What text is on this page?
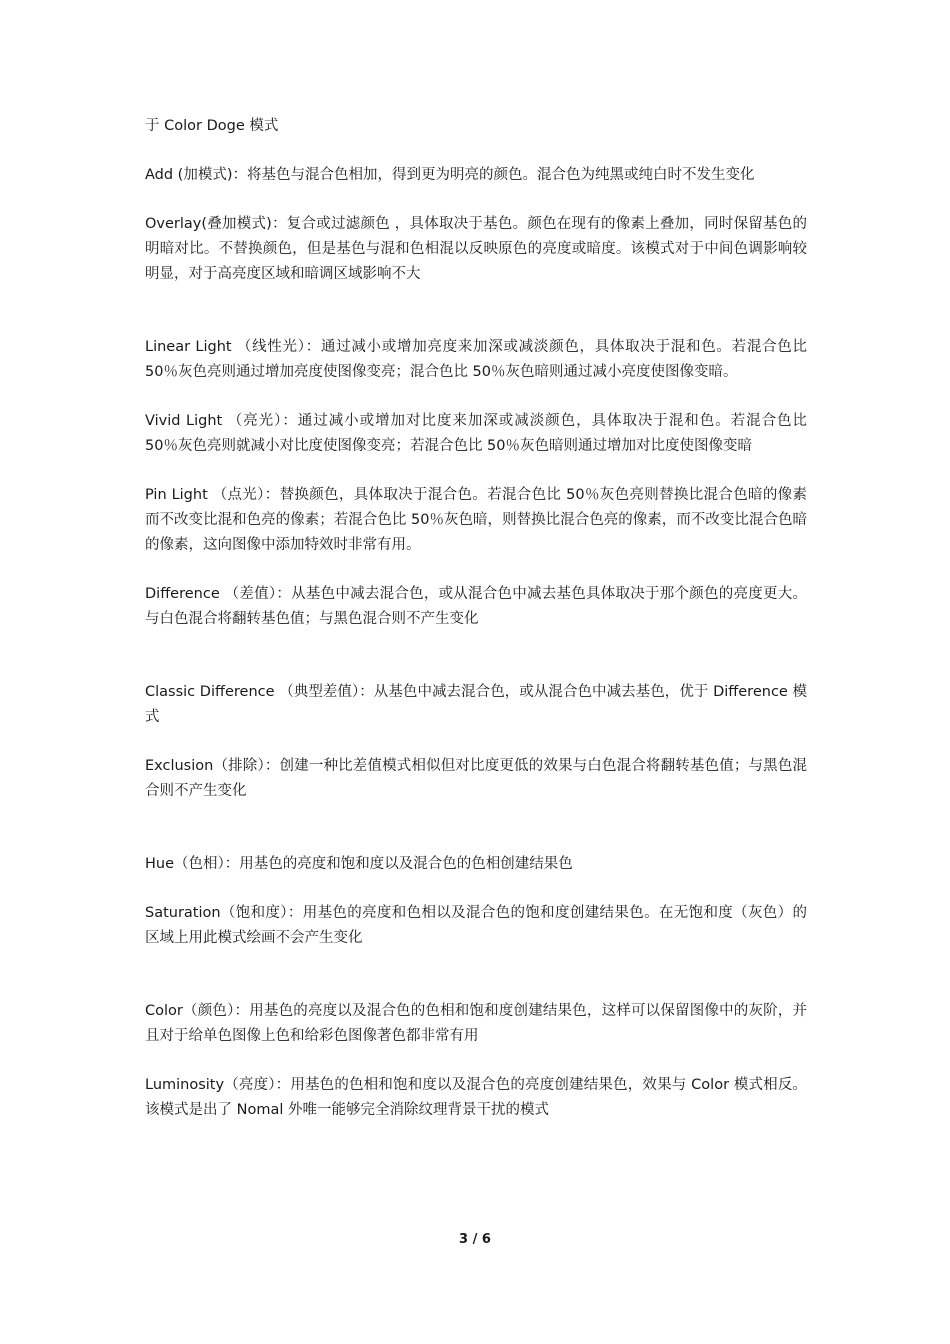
于 Color Doge 模式

Add (加模式)：将基色与混合色相加，得到更为明亮的颜色。混合色为纯黑或纯白时不发生变化

Overlay(叠加模式)：复合或过滤颜色 ，具体取决于基色。颜色在现有的像素上叠加，同时保留基色的明暗对比。不替换颜色，但是基色与混和色相混以反映原色的亮度或暗度。该模式对于中间色调影响较明显，对于高亮度区域和暗调区域影响不大

Linear Light （线性光）：通过减小或增加亮度来加深或减淡颜色，具体取决于混和色。若混合色比 50％灰色亮则通过增加亮度使图像变亮；混合色比 50％灰色暗则通过减小亮度使图像变暗。

Vivid Light （亮光）：通过减小或增加对比度来加深或减淡颜色，具体取决于混和色。若混合色比 50％灰色亮则就减小对比度使图像变亮；若混合色比 50％灰色暗则通过增加对比度使图像变暗

Pin Light （点光）：替换颜色，具体取决于混合色。若混合色比 50％灰色亮则替换比混合色暗的像素而不改变比混和色亮的像素；若混合色比 50％灰色暗，则替换比混合色亮的像素，而不改变比混合色暗的像素，这向图像中添加特效时非常有用。

Difference （差值）：从基色中减去混合色，或从混合色中减去基色具体取决于那个颜色的亮度更大。与白色混合将翻转基色值；与黑色混合则不产生变化

Classic Difference （典型差值）：从基色中减去混合色，或从混合色中减去基色，优于 Difference 模式

Exclusion（排除）：创建一种比差值模式相似但对比度更低的效果与白色混合将翻转基色值；与黑色混合则不产生变化

Hue（色相）：用基色的亮度和饱和度以及混合色的色相创建结果色

Saturation（饱和度）：用基色的亮度和色相以及混合色的饱和度创建结果色。在无饱和度（灰色）的区域上用此模式绘画不会产生变化

Color（颜色）：用基色的亮度以及混合色的色相和饱和度创建结果色，这样可以保留图像中的灰阶，并且对于给单色图像上色和给彩色图像著色都非常有用

Luminosity（亮度）：用基色的色相和饱和度以及混合色的亮度创建结果色，效果与 Color 模式相反。该模式是出了 Nomal 外唯一能够完全消除纹理背景干扰的模式

3 / 6
